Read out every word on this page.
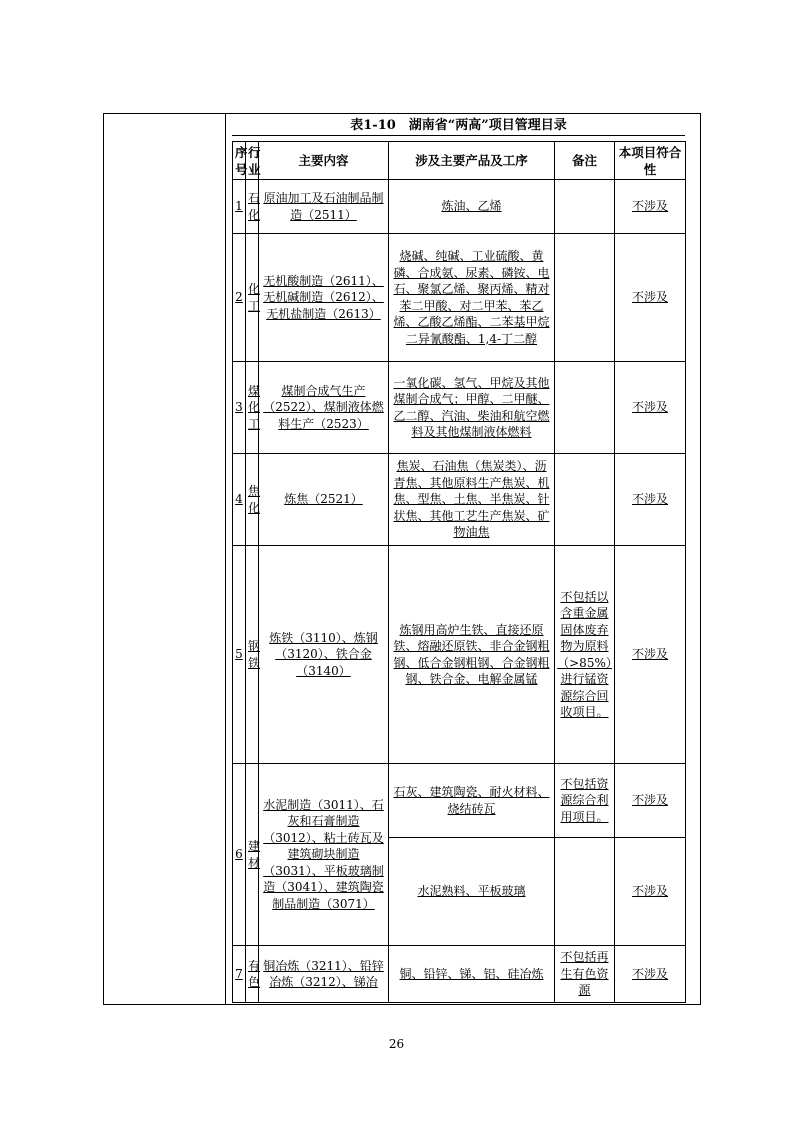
表1-10　湖南省“两高”项目管理目录
序号	行业	主要内容	涉及主要产品及工序	备注	本项目符合性
1	石化	原油加工及石油制品制造（2511）	炼油、乙烯		不涉及
2	化工	无机酸制造（2611）、无机碱制造（2612）、无机盐制造（2613）	烧碱、纯碱、工业硫酸、黄磷、合成氨、尿素、磷铵、电石、聚氯乙烯、聚丙烯、精对苯二甲酸、对二甲苯、苯乙烯、乙酸乙烯酯、二苯基甲烷二异氰酸酯、1,4-丁二醇		不涉及
3	煤化工	煤制合成气生产（2522）、煤制液体燃料生产（2523）	一氧化碳、氢气、甲烷及其他煤制合成气；甲醇、二甲醚、乙二醇、汽油、柴油和航空燃料及其他煤制液体燃料		不涉及
4	焦化	炼焦（2521）	焦炭、石油焦（焦炭类）、沥青焦、其他原料生产焦炭、机焦、型焦、土焦、半焦炭、针状焦、其他工艺生产焦炭、矿物油焦		不涉及
5	钢铁	炼铁（3110）、炼钢（3120）、铁合金（3140）	炼钢用高炉生铁、直接还原铁、熔融还原铁、非合金钢粗钢、低合金钢粗钢、合金钢粗钢、铁合金、电解金属锰	不包括以含重金属固体废弃物为原料（>85%）进行锰资源综合回收项目。	不涉及
6	建材	水泥制造（3011）、石灰和石膏制造（3012）、粘土砖瓦及建筑砌块制造（3031）、平板玻璃制造（3041）、建筑陶瓷制品制造（3071）	石灰、建筑陶瓷、耐火材料、烧结砖瓦	不包括资源综合利用项目。	不涉及
			水泥熟料、平板玻璃		不涉及
7	有色	铜冶炼（3211）、铅锌冶炼（3212）、锑冶	铜、铅锌、锑、铝、硅冶炼	不包括再生有色资源	不涉及
26
